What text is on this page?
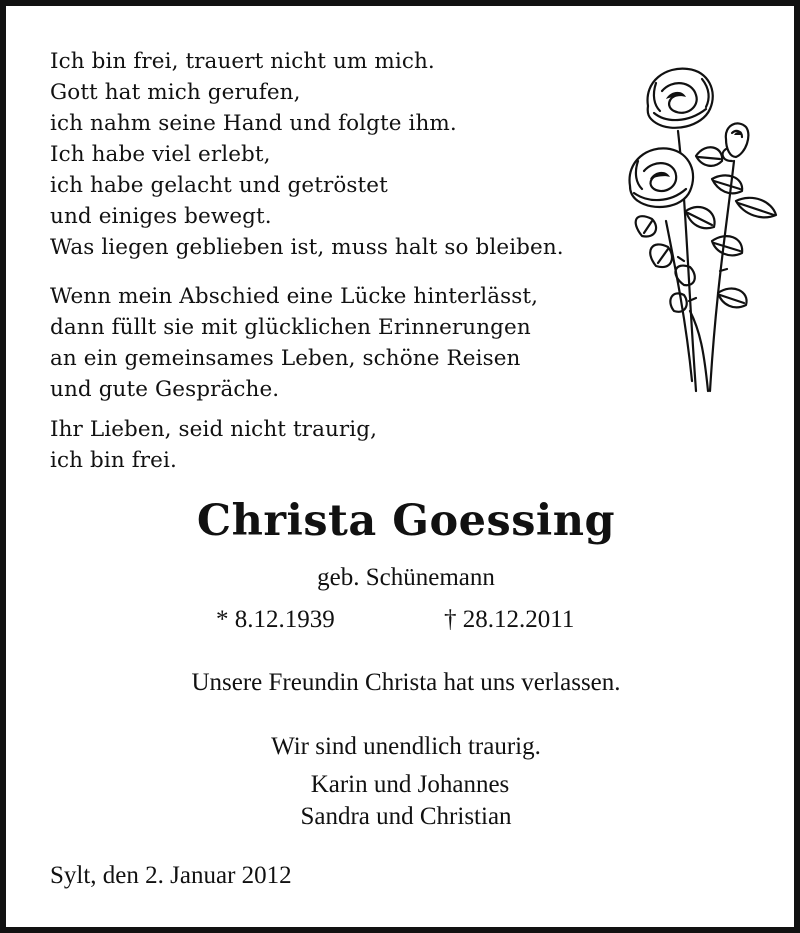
Ich bin frei, trauert nicht um mich.
Gott hat mich gerufen,
ich nahm seine Hand und folgte ihm.
Ich habe viel erlebt,
ich habe gelacht und getröstet
und einiges bewegt.
Was liegen geblieben ist, muss halt so bleiben.
Wenn mein Abschied eine Lücke hinterlässt,
dann füllt sie mit glücklichen Erinnerungen
an ein gemeinsames Leben, schöne Reisen
und gute Gespräche.
Ihr Lieben, seid nicht traurig,
ich bin frei.
Christa Goessing
geb. Schünemann
* 8.12.1939	† 28.12.2011
Unsere Freundin Christa hat uns verlassen.
Wir sind unendlich traurig.
Karin und Johannes
Sandra und Christian
Sylt, den 2. Januar 2012
